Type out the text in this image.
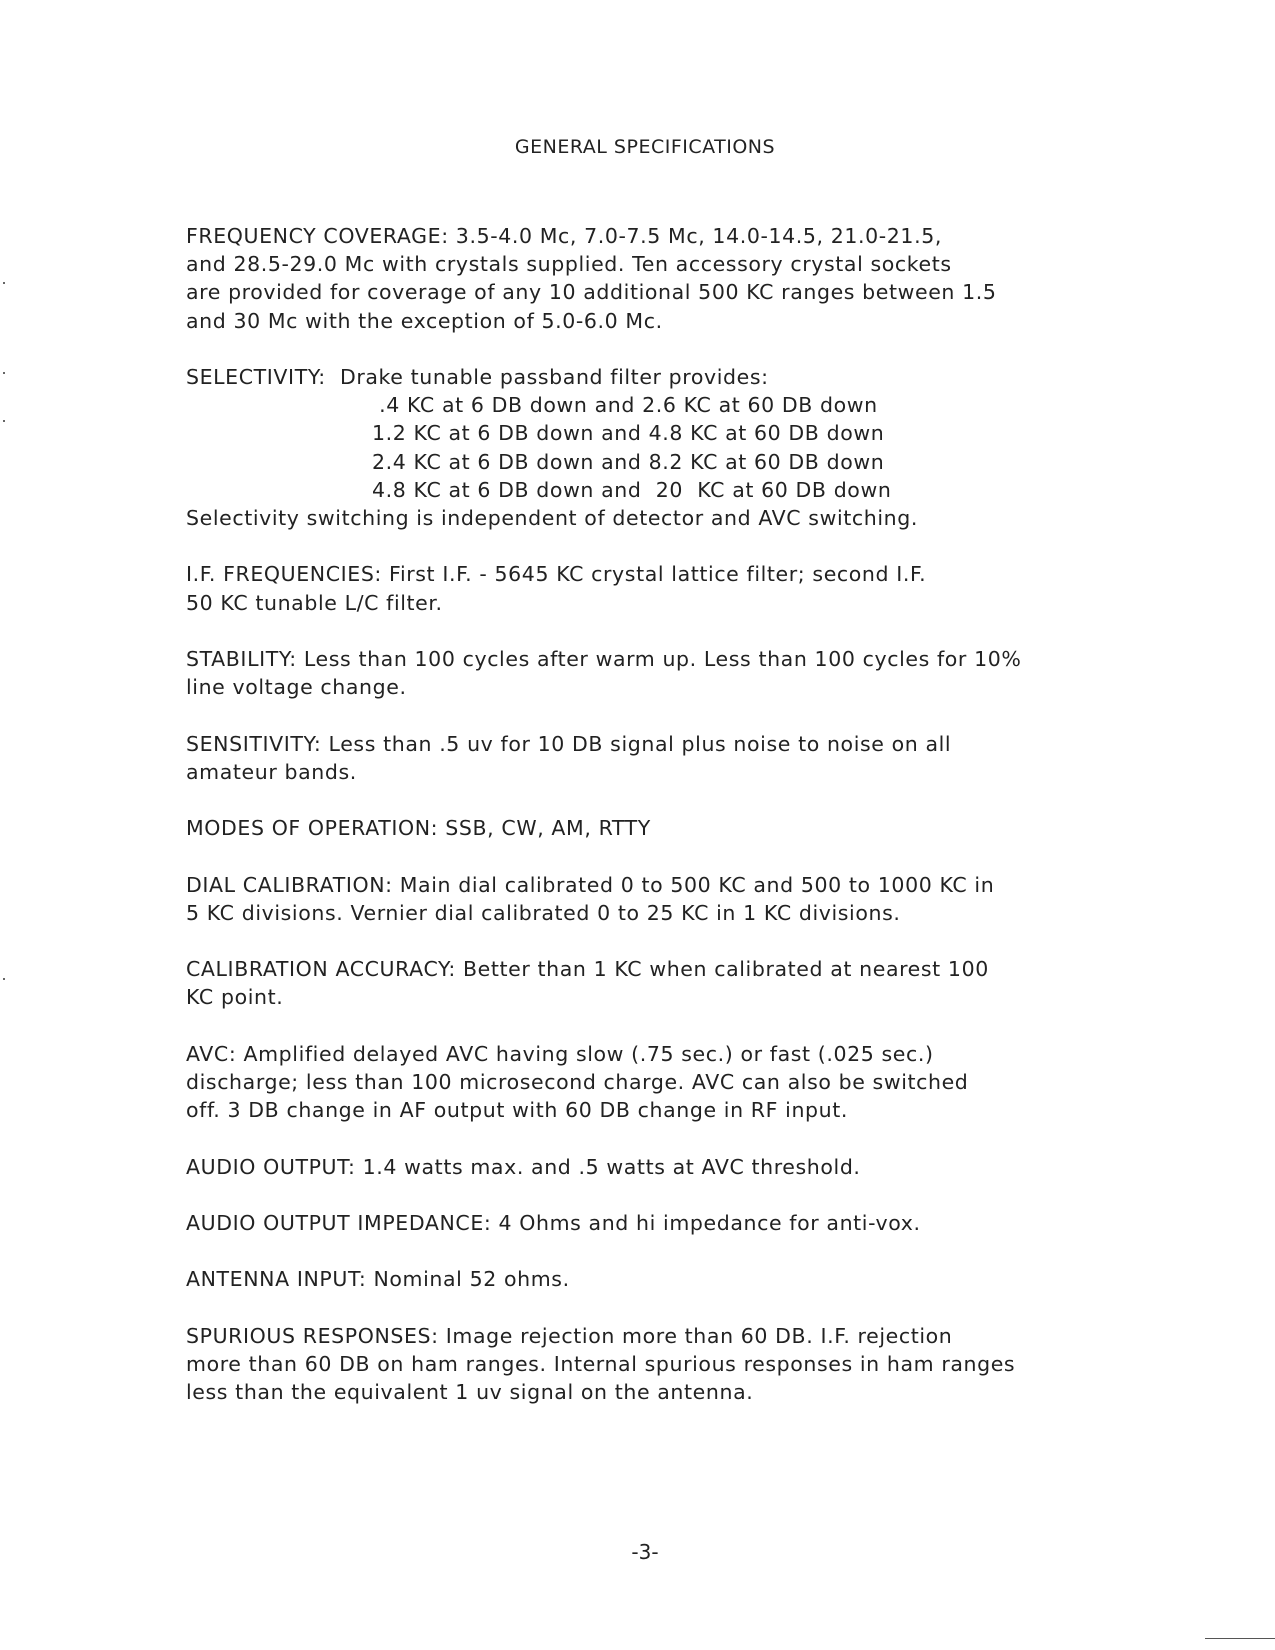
GENERAL SPECIFICATIONS
FREQUENCY COVERAGE: 3.5-4.0 Mc, 7.0-7.5 Mc, 14.0-14.5, 21.0-21.5,
and 28.5-29.0 Mc with crystals supplied. Ten accessory crystal sockets
are provided for coverage of any 10 additional 500 KC ranges between 1.5
and 30 Mc with the exception of 5.0-6.0 Mc.
SELECTIVITY: Drake tunable passband filter provides:
.4 KC at 6 DB down and 2.6 KC at 60 DB down
1.2 KC at 6 DB down and 4.8 KC at 60 DB down
2.4 KC at 6 DB down and 8.2 KC at 60 DB down
4.8 KC at 6 DB down and  20  KC at 60 DB down
Selectivity switching is independent of detector and AVC switching.
I.F. FREQUENCIES: First I.F. - 5645 KC crystal lattice filter; second I.F.
50 KC tunable L/C filter.
STABILITY: Less than 100 cycles after warm up. Less than 100 cycles for 10%
line voltage change.
SENSITIVITY: Less than .5 uv for 10 DB signal plus noise to noise on all
amateur bands.
MODES OF OPERATION: SSB, CW, AM, RTTY
DIAL CALIBRATION: Main dial calibrated 0 to 500 KC and 500 to 1000 KC in
5 KC divisions. Vernier dial calibrated 0 to 25 KC in 1 KC divisions.
CALIBRATION ACCURACY: Better than 1 KC when calibrated at nearest 100
KC point.
AVC: Amplified delayed AVC having slow (.75 sec.) or fast (.025 sec.)
discharge; less than 100 microsecond charge. AVC can also be switched
off. 3 DB change in AF output with 60 DB change in RF input.
AUDIO OUTPUT: 1.4 watts max. and .5 watts at AVC threshold.
AUDIO OUTPUT IMPEDANCE: 4 Ohms and hi impedance for anti-vox.
ANTENNA INPUT: Nominal 52 ohms.
SPURIOUS RESPONSES: Image rejection more than 60 DB. I.F. rejection
more than 60 DB on ham ranges. Internal spurious responses in ham ranges
less than the equivalent 1 uv signal on the antenna.
-3-
